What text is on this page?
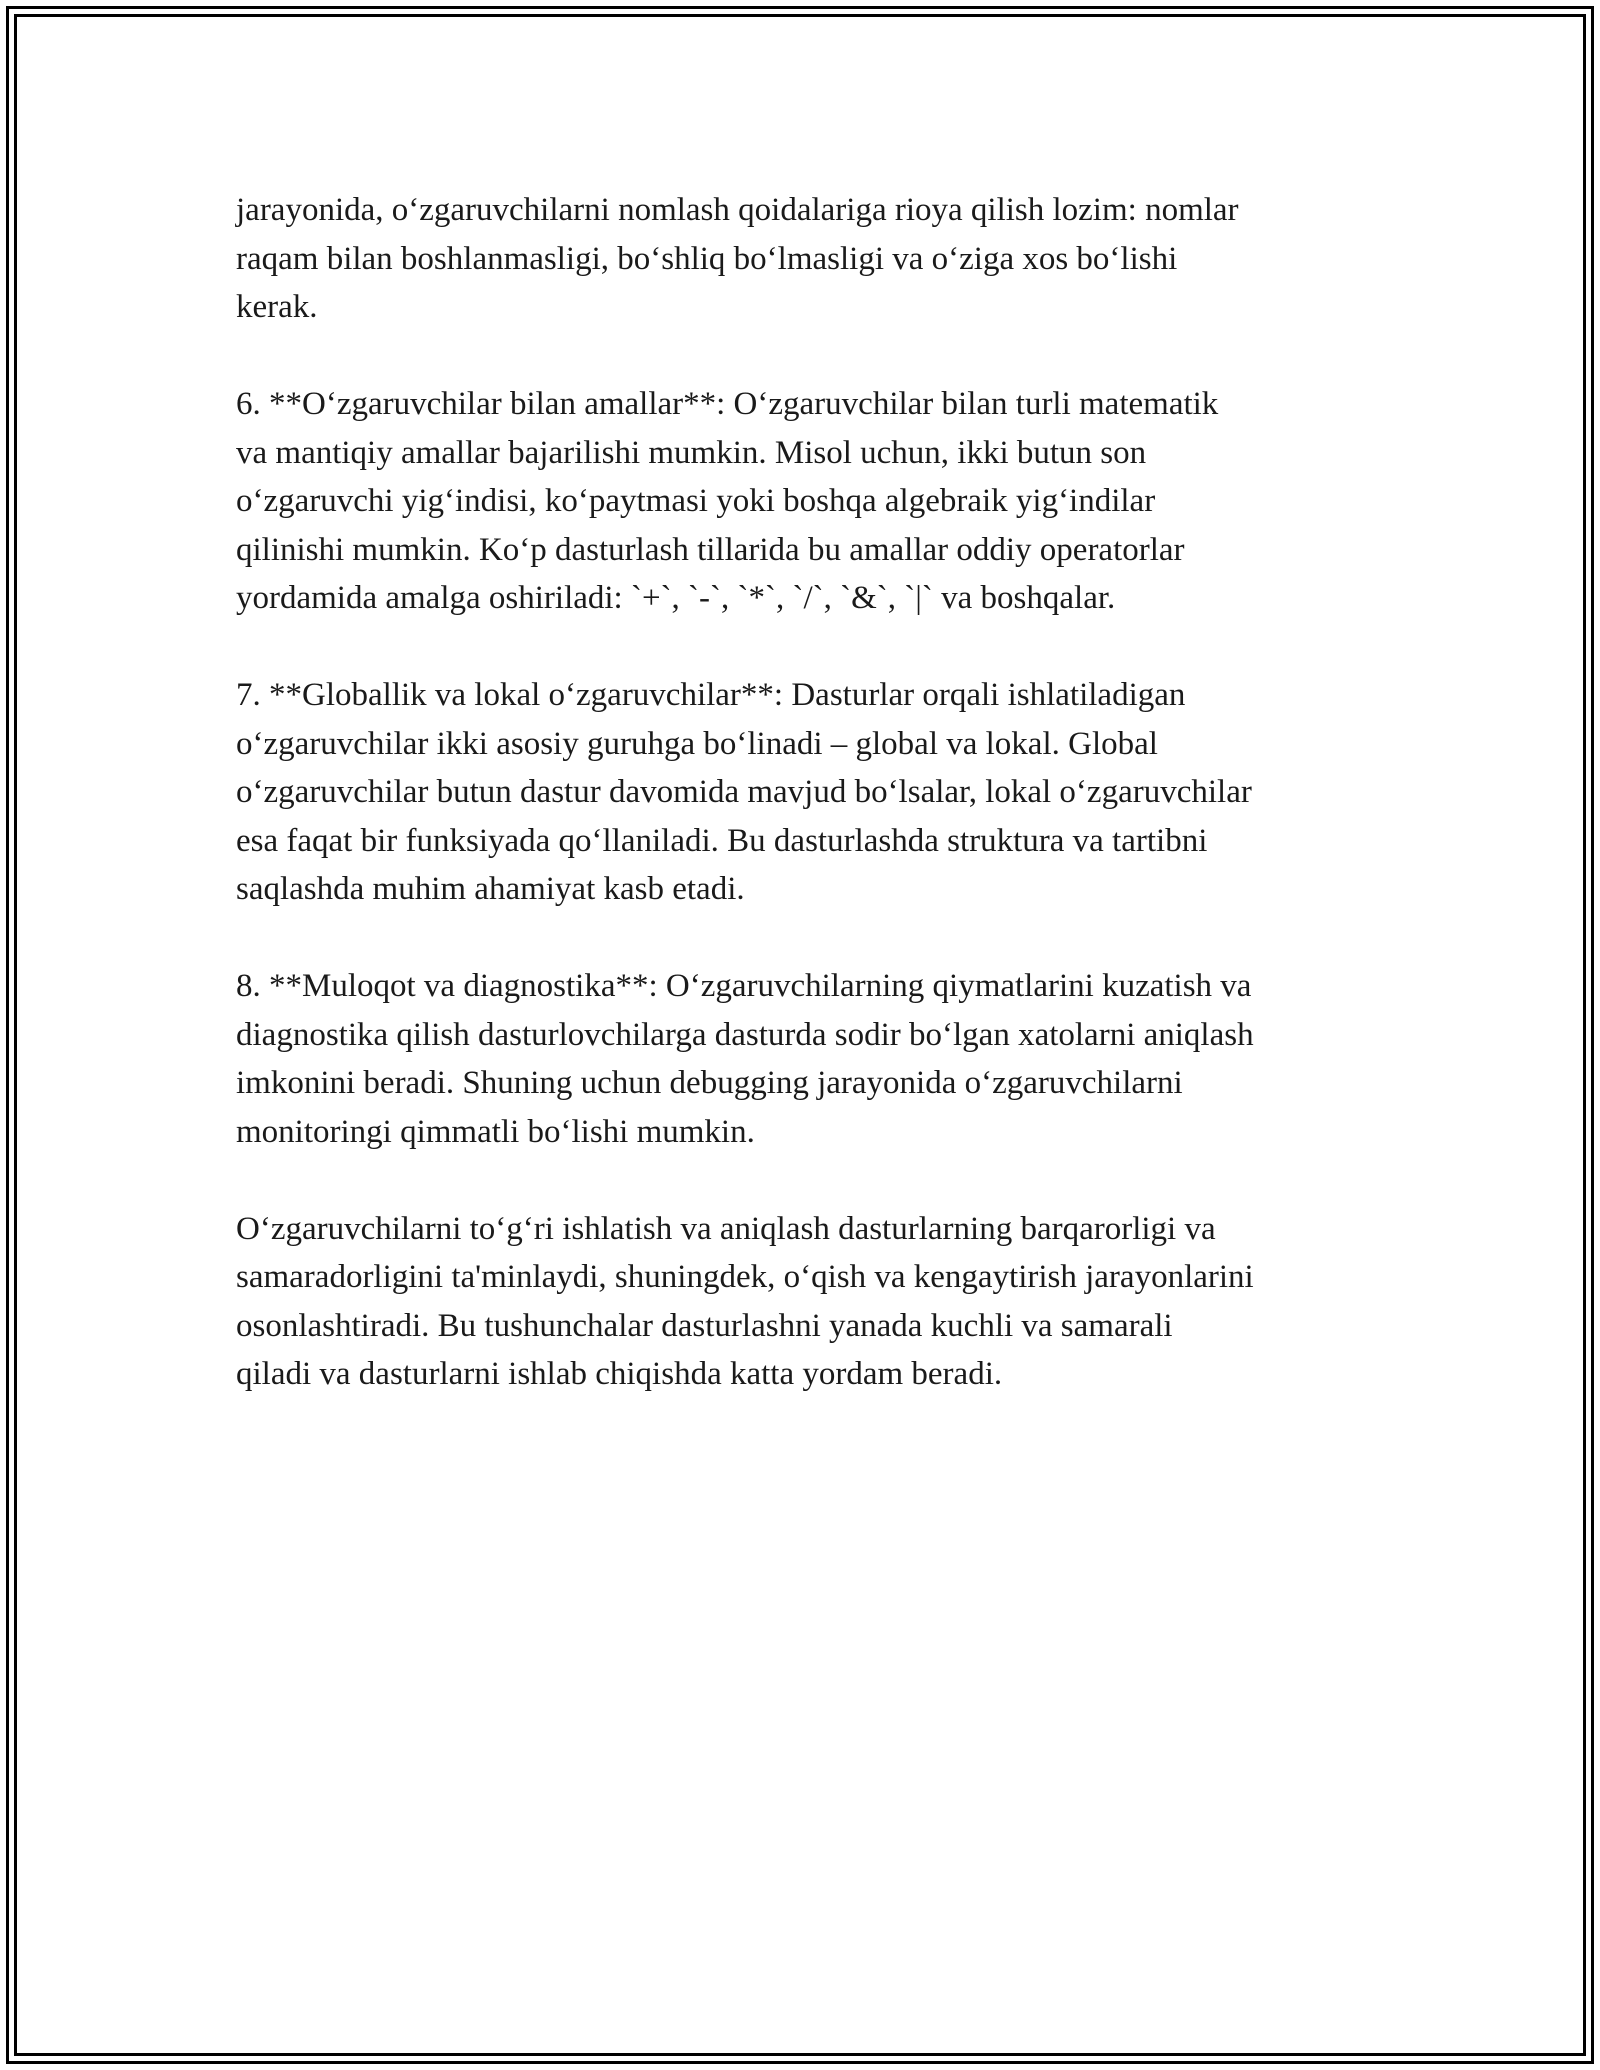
jarayonida, oʻzgaruvchilarni nomlash qoidalariga rioya qilish lozim: nomlar
raqam bilan boshlanmasligi, boʻshliq boʻlmasligi va oʻziga xos boʻlishi
kerak.

6. **Oʻzgaruvchilar bilan amallar**: Oʻzgaruvchilar bilan turli matematik
va mantiqiy amallar bajarilishi mumkin. Misol uchun, ikki butun son
oʻzgaruvchi yigʻindisi, koʻpaytmasi yoki boshqa algebraik yigʻindilar
qilinishi mumkin. Koʻp dasturlash tillarida bu amallar oddiy operatorlar
yordamida amalga oshiriladi: `+`, `-`, `*`, `/`, `&`, `|` va boshqalar.

7. **Globallik va lokal oʻzgaruvchilar**: Dasturlar orqali ishlatiladigan
oʻzgaruvchilar ikki asosiy guruhga boʻlinadi – global va lokal. Global
oʻzgaruvchilar butun dastur davomida mavjud boʻlsalar, lokal oʻzgaruvchilar
esa faqat bir funksiyada qoʻllaniladi. Bu dasturlashda struktura va tartibni
saqlashda muhim ahamiyat kasb etadi.

8. **Muloqot va diagnostika**: Oʻzgaruvchilarning qiymatlarini kuzatish va
diagnostika qilish dasturlovchilarga dasturda sodir boʻlgan xatolarni aniqlash
imkonini beradi. Shuning uchun debugging jarayonida oʻzgaruvchilarni
monitoringi qimmatli boʻlishi mumkin.

Oʻzgaruvchilarni toʻgʻri ishlatish va aniqlash dasturlarning barqarorligi va
samaradorligini ta'minlaydi, shuningdek, oʻqish va kengaytirish jarayonlarini
osonlashtiradi. Bu tushunchalar dasturlashni yanada kuchli va samarali
qiladi va dasturlarni ishlab chiqishda katta yordam beradi.
